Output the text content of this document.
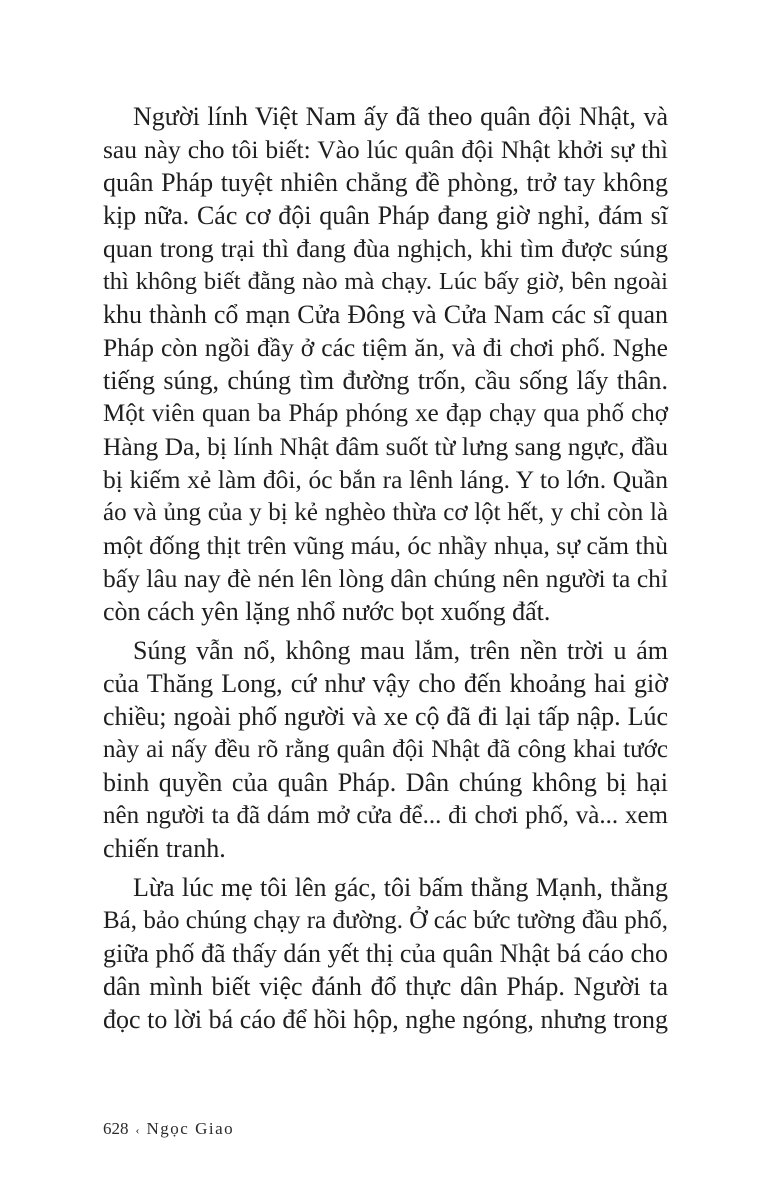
Người lính Việt Nam ấy đã theo quân đội Nhật, và
sau này cho tôi biết: Vào lúc quân đội Nhật khởi sự thì
quân Pháp tuyệt nhiên chẳng đề phòng, trở tay không
kịp nữa. Các cơ đội quân Pháp đang giờ nghỉ, đám sĩ
quan trong trại thì đang đùa nghịch, khi tìm được súng
thì không biết đằng nào mà chạy. Lúc bấy giờ, bên ngoài
khu thành cổ mạn Cửa Đông và Cửa Nam các sĩ quan
Pháp còn ngồi đầy ở các tiệm ăn, và đi chơi phố. Nghe
tiếng súng, chúng tìm đường trốn, cầu sống lấy thân.
Một viên quan ba Pháp phóng xe đạp chạy qua phố chợ
Hàng Da, bị lính Nhật đâm suốt từ lưng sang ngực, đầu
bị kiếm xẻ làm đôi, óc bắn ra lênh láng. Y to lớn. Quần
áo và ủng của y bị kẻ nghèo thừa cơ lột hết, y chỉ còn là
một đống thịt trên vũng máu, óc nhầy nhụa, sự căm thù
bấy lâu nay đè nén lên lòng dân chúng nên người ta chỉ
còn cách yên lặng nhổ nước bọt xuống đất.

Súng vẫn nổ, không mau lắm, trên nền trời u ám
của Thăng Long, cứ như vậy cho đến khoảng hai giờ
chiều; ngoài phố người và xe cộ đã đi lại tấp nập. Lúc
này ai nấy đều rõ rằng quân đội Nhật đã công khai tước
binh quyền của quân Pháp. Dân chúng không bị hại
nên người ta đã dám mở cửa để... đi chơi phố, và... xem
chiến tranh.

Lừa lúc mẹ tôi lên gác, tôi bấm thằng Mạnh, thằng
Bá, bảo chúng chạy ra đường. Ở các bức tường đầu phố,
giữa phố đã thấy dán yết thị của quân Nhật bá cáo cho
dân mình biết việc đánh đổ thực dân Pháp. Người ta
đọc to lời bá cáo để hồi hộp, nghe ngóng, nhưng trong

628 ‹ Ngọc Giao
